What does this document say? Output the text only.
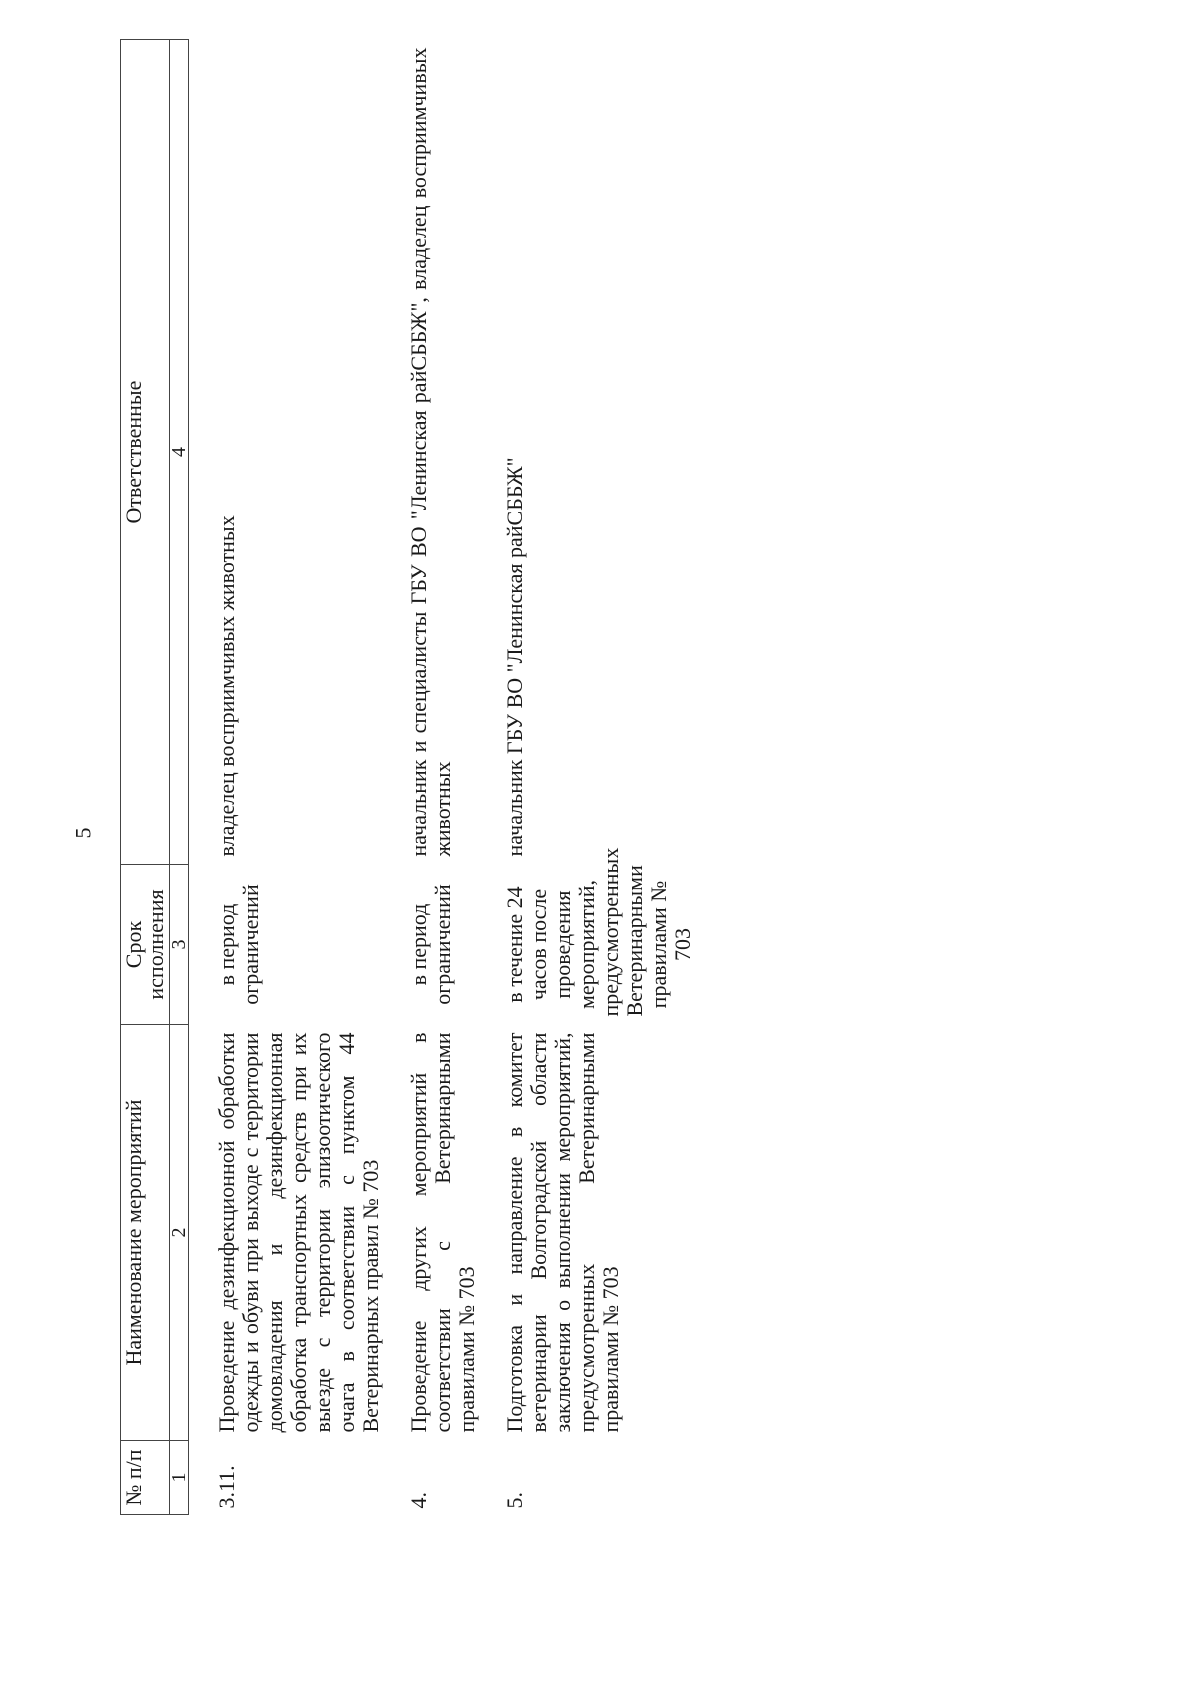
5
№ п/п	Наименование мероприятий	Срок исполнения	Ответственные
1	2	3	4
3.11.	Проведение дезинфекционной обработки одежды и обуви при выходе с территории домовладения и дезинфекционная обработка транспортных средств при их выезде с территории эпизоотического очага в соответствии с пунктом 44 Ветеринарных правил № 703	в период ограничений	владелец восприимчивых животных
4.	Проведение других мероприятий в соответствии с Ветеринарными правилами № 703	в период ограничений	начальник и специалисты ГБУ ВО "Ленинская райСББЖ", владелец восприимчивых животных
5.	Подготовка и направление в комитет ветеринарии Волгоградской области заключения о выполнении мероприятий, предусмотренных Ветеринарными правилами № 703	в течение 24 часов после проведения мероприятий, предусмотренных Ветеринарными правилами № 703	начальник ГБУ ВО "Ленинская райСББЖ"
